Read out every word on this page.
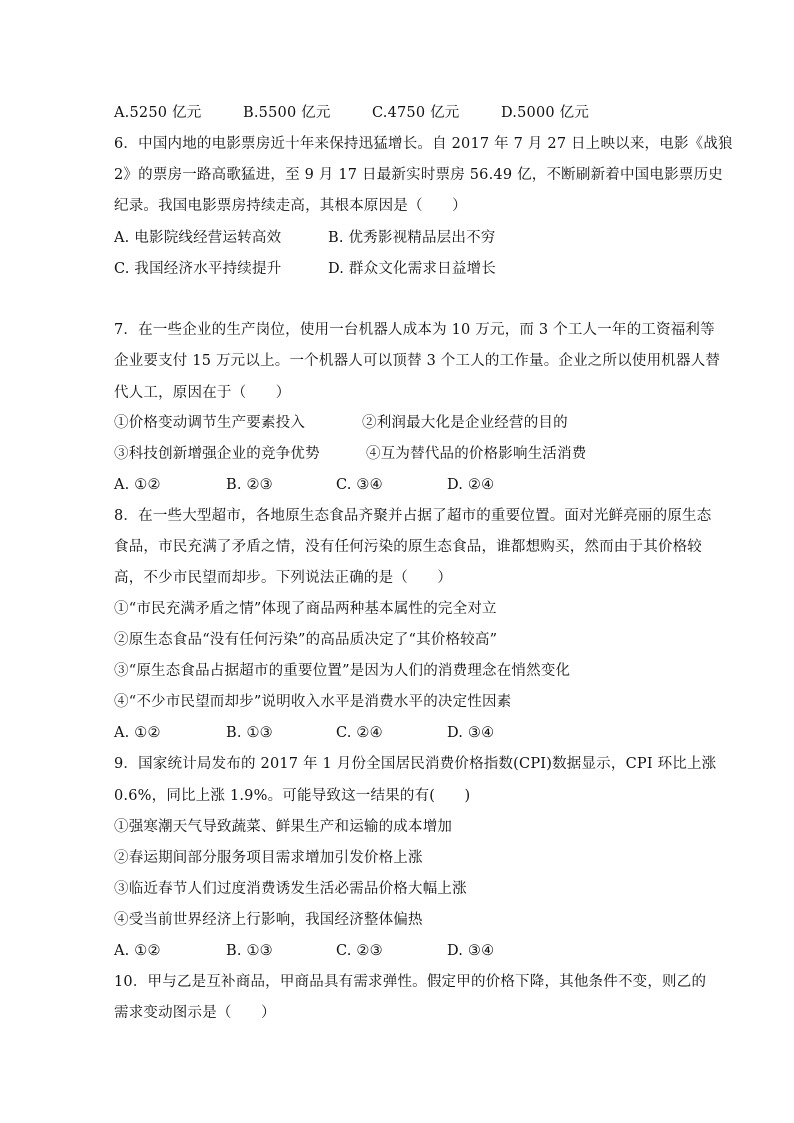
A.5250 亿元	B.5500 亿元	C.4750 亿元	D.5000 亿元
6．中国内地的电影票房近十年来保持迅猛增长。自 2017 年 7 月 27 日上映以来，电影《战狼
2》的票房一路高歌猛进，至 9 月 17 日最新实时票房 56.49 亿，不断刷新着中国电影票历史
纪录。我国电影票房持续走高，其根本原因是（　　）
A. 电影院线经营运转高效	B. 优秀影视精品层出不穷
C. 我国经济水平持续提升	D. 群众文化需求日益增长
7．在一些企业的生产岗位，使用一台机器人成本为 10 万元，而 3 个工人一年的工资福利等
企业要支付 15 万元以上。一个机器人可以顶替 3 个工人的工作量。企业之所以使用机器人替
代人工，原因在于（　　）
①价格变动调节生产要素投入	②利润最大化是企业经营的目的
③科技创新增强企业的竞争优势	④互为替代品的价格影响生活消费
A. ①②	B. ②③	C. ③④	D. ②④
8．在一些大型超市，各地原生态食品齐聚并占据了超市的重要位置。面对光鲜亮丽的原生态
食品，市民充满了矛盾之情，没有任何污染的原生态食品，谁都想购买，然而由于其价格较
高，不少市民望而却步。下列说法正确的是（　　）
①“市民充满矛盾之情”体现了商品两种基本属性的完全对立
②原生态食品“没有任何污染”的高品质决定了“其价格较高”
③“原生态食品占据超市的重要位置”是因为人们的消费理念在悄然变化
④“不少市民望而却步”说明收入水平是消费水平的决定性因素
A. ①②	B. ①③	C. ②④	D. ③④
9．国家统计局发布的 2017 年 1 月份全国居民消费价格指数(CPI)数据显示，CPI 环比上涨
0.6%，同比上涨 1.9%。可能导致这一结果的有(　　)
①强寒潮天气导致蔬菜、鲜果生产和运输的成本增加
②春运期间部分服务项目需求增加引发价格上涨
③临近春节人们过度消费诱发生活必需品价格大幅上涨
④受当前世界经济上行影响，我国经济整体偏热
A. ①②	B. ①③	C. ②③	D. ③④
10．甲与乙是互补商品，甲商品具有需求弹性。假定甲的价格下降，其他条件不变，则乙的
需求变动图示是（　　）
